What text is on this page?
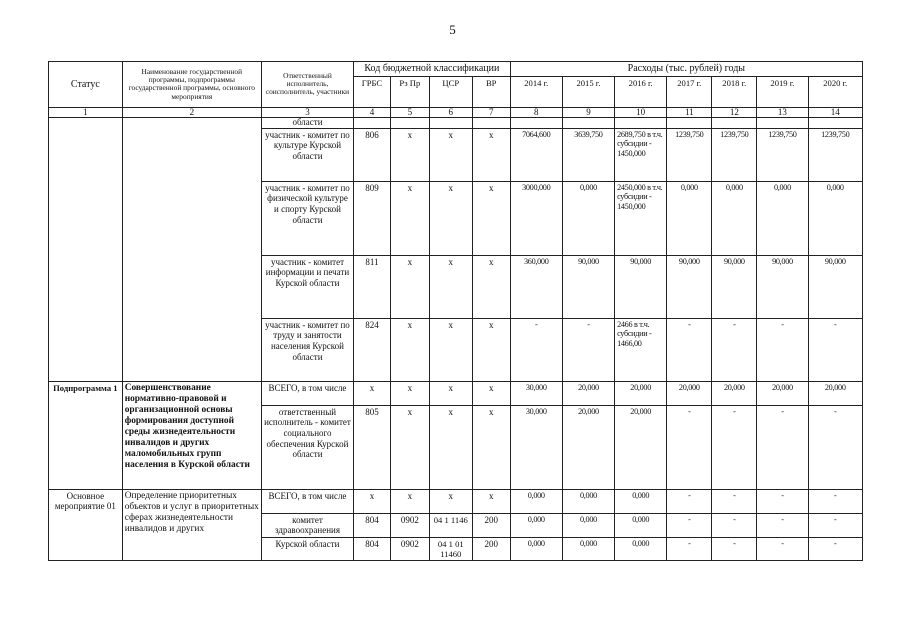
5
Статус	Наименование государственной программы, подпрограммы государственной программы, основного мероприятия	Ответственный исполнитель, соисполнитель, участники	Код бюджетной классификации				Расходы (тыс. рублей) годы						
			ГРБС	Рз Пр	ЦСР	ВР	2014 г.	2015 г.	2016 г.	2017 г.	2018 г.	2019 г.	2020 г.
1	2	3	4	5	6	7	8	9	10	11	12	13	14
		области											
		участник - комитет по культуре Курской области	806	х	х	х	7064,600	3639,750	2689,750 в т.ч. субсидии - 1450,000	1239,750	1239,750	1239,750	1239,750
		участник - комитет по физической культуре и спорту Курской области	809	х	х	х	3000,000	0,000	2450,000 в т.ч. субсидии - 1450,000	0,000	0,000	0,000	0,000
		участник - комитет информации и печати Курской области	811	х	х	х	360,000	90,000	90,000	90,000	90,000	90,000	90,000
		участник - комитет по труду и занятости населения Курской области	824	х	х	х	-	-	2466 в т.ч. субсидии - 1466,00	-	-	-	-
Подпрограмма 1	Совершенствование нормативно-правовой и организационной основы формирования доступной среды жизнедеятельности инвалидов и других маломобильных групп населения в Курской области	ВСЕГО, в том числе	х	х	х	х	30,000	20,000	20,000	20,000	20,000	20,000	20,000
		ответственный исполнитель - комитет социального обеспечения Курской области	805	х	х	х	30,000	20,000	20,000	-	-	-	-
Основное мероприятие 01	Определение приоритетных объектов и услуг в приоритетных сферах жизнедеятельности инвалидов и других	ВСЕГО, в том числе	х	х	х	х	0,000	0,000	0,000	-	-	-	-
		комитет здравоохранения	804	0902	04 1 1146	200	0,000	0,000	0,000	-	-	-	-
		Курской области	804	0902	04 1 01 11460	200	0,000	0,000	0,000	-	-	-	-
